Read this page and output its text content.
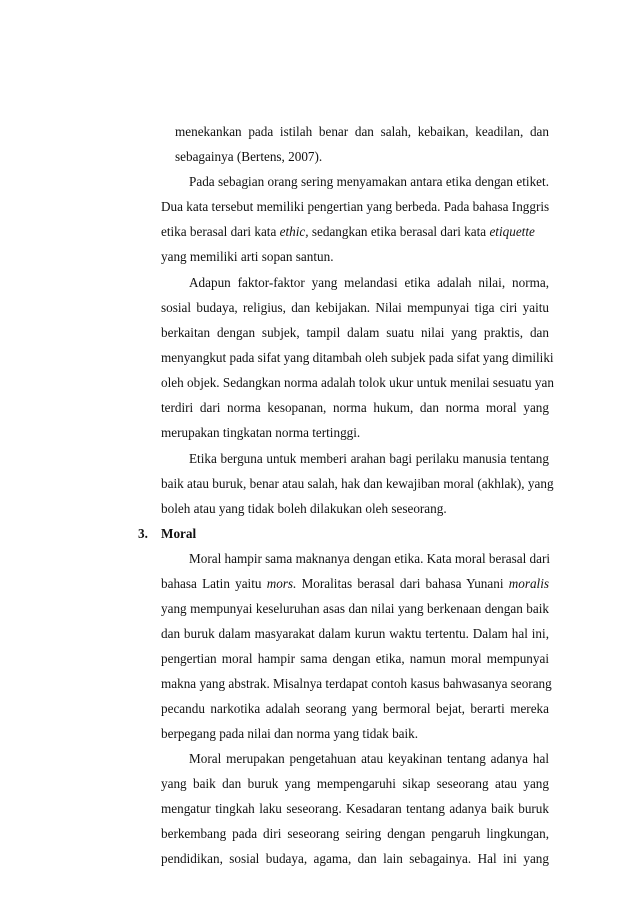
menekankan pada istilah benar dan salah, kebaikan, keadilan, dan
sebagainya (Bertens, 2007).
Pada sebagian orang sering menyamakan antara etika dengan etiket.
Dua kata tersebut memiliki pengertian yang berbeda. Pada bahasa Inggris
etika berasal dari kata ethic, sedangkan etika berasal dari kata etiquette
yang memiliki arti sopan santun.
Adapun faktor-faktor yang melandasi etika adalah nilai, norma,
sosial budaya, religius, dan kebijakan. Nilai mempunyai tiga ciri yaitu
berkaitan dengan subjek, tampil dalam suatu nilai yang praktis, dan
menyangkut pada sifat yang ditambah oleh subjek pada sifat yang dimiliki
oleh objek. Sedangkan norma adalah tolok ukur untuk menilai sesuatu yan
terdiri dari norma kesopanan, norma hukum, dan norma moral yang
merupakan tingkatan norma tertinggi.
Etika berguna untuk memberi arahan bagi perilaku manusia tentang
baik atau buruk, benar atau salah, hak dan kewajiban moral (akhlak), yang
boleh atau yang tidak boleh dilakukan oleh seseorang.
3. Moral
Moral hampir sama maknanya dengan etika. Kata moral berasal dari
bahasa Latin yaitu mors. Moralitas berasal dari bahasa Yunani moralis
yang mempunyai keseluruhan asas dan nilai yang berkenaan dengan baik
dan buruk dalam masyarakat dalam kurun waktu tertentu. Dalam hal ini,
pengertian moral hampir sama dengan etika, namun moral mempunyai
makna yang abstrak. Misalnya terdapat contoh kasus bahwasanya seorang
pecandu narkotika adalah seorang yang bermoral bejat, berarti mereka
berpegang pada nilai dan norma yang tidak baik.
Moral merupakan pengetahuan atau keyakinan tentang adanya hal
yang baik dan buruk yang mempengaruhi sikap seseorang atau yang
mengatur tingkah laku seseorang. Kesadaran tentang adanya baik buruk
berkembang pada diri seseorang seiring dengan pengaruh lingkungan,
pendidikan, sosial budaya, agama, dan lain sebagainya. Hal ini yang
